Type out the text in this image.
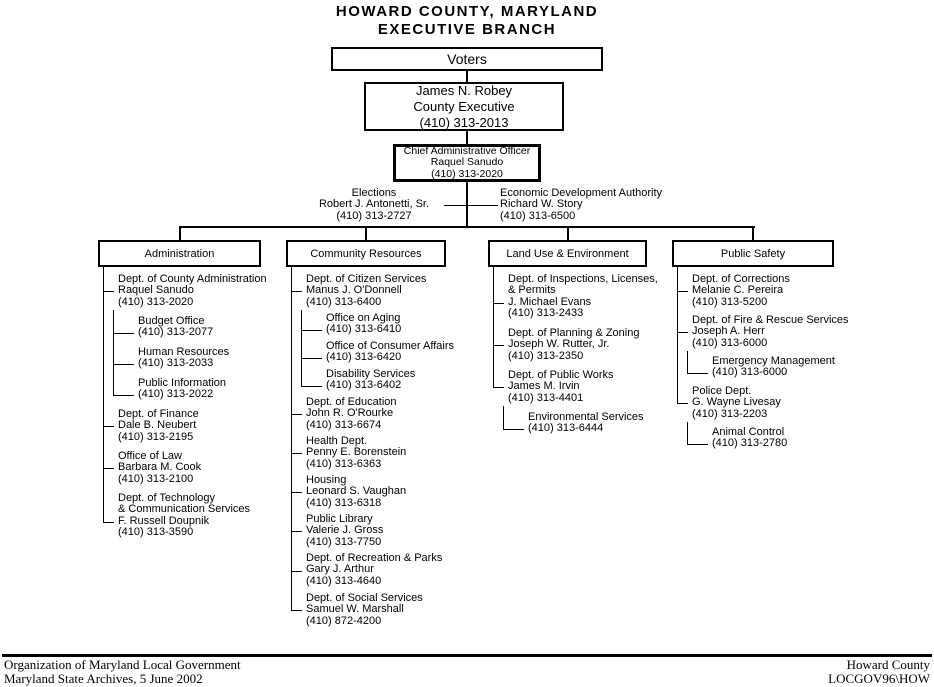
HOWARD COUNTY, MARYLAND
EXECUTIVE BRANCH
Voters
James N. Robey
County Executive
(410) 313-2013
Chief Administrative Officer
Raquel Sanudo
(410) 313-2020
Elections
Robert J. Antonetti, Sr.
(410) 313-2727
Economic Development Authority
Richard W. Story
(410) 313-6500
Organization of Maryland Local Government
Maryland State Archives, 5 June 2002
Howard County
LOCGOV96\HOW
Administration
Dept. of County Administration
Raquel Sanudo
(410) 313-2020
Budget Office
(410) 313-2077
Human Resources
(410) 313-2033
Public Information
(410) 313-2022
Dept. of Finance
Dale B. Neubert
(410) 313-2195
Office of Law
Barbara M. Cook
(410) 313-2100
Dept. of Technology
& Communication Services
F. Russell Doupnik
(410) 313-3590
Community Resources
Dept. of Citizen Services
Manus J. O'Donnell
(410) 313-6400
Office on Aging
(410) 313-6410
Office of Consumer Affairs
(410) 313-6420
Disability Services
(410) 313-6402
Dept. of Education
John R. O'Rourke
(410) 313-6674
Health Dept.
Penny E. Borenstein
(410) 313-6363
Housing
Leonard S. Vaughan
(410) 313-6318
Public Library
Valerie J. Gross
(410) 313-7750
Dept. of Recreation & Parks
Gary J. Arthur
(410) 313-4640
Dept. of Social Services
Samuel W. Marshall
(410) 872-4200
Land Use & Environment
Dept. of Inspections, Licenses,
& Permits
J. Michael Evans
(410) 313-2433
Dept. of Planning & Zoning
Joseph W. Rutter, Jr.
(410) 313-2350
Dept. of Public Works
James M. Irvin
(410) 313-4401
Environmental Services
(410) 313-6444
Public Safety
Dept. of Corrections
Melanie C. Pereira
(410) 313-5200
Dept. of Fire & Rescue Services
Joseph A. Herr
(410) 313-6000
Emergency Management
(410) 313-6000
Police Dept.
G. Wayne Livesay
(410) 313-2203
Animal Control
(410) 313-2780
